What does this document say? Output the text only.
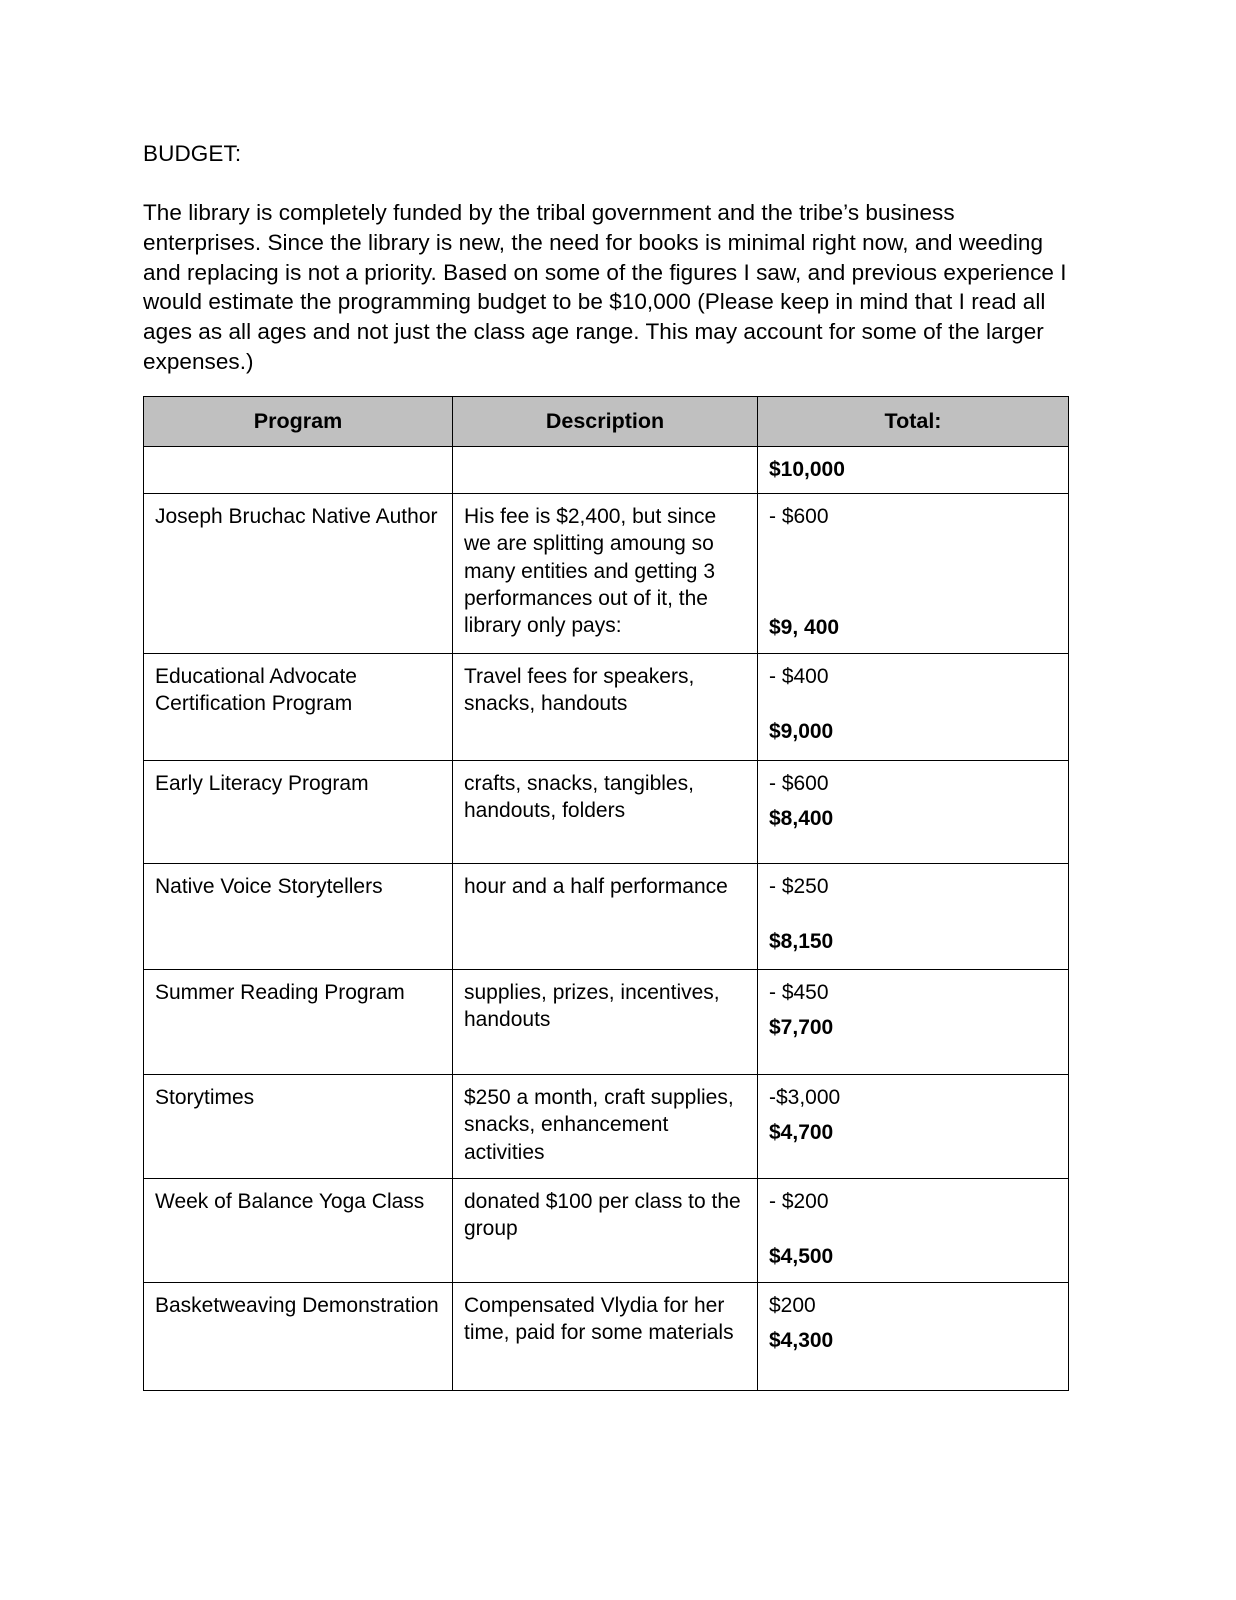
BUDGET:

The library is completely funded by the tribal government and the tribe’s business enterprises. Since the library is new, the need for books is minimal right now, and weeding and replacing is not a priority. Based on some of the figures I saw, and previous experience I would estimate the programming budget to be $10,000 (Please keep in mind that I read all ages as all ages and not just the class age range. This may account for some of the larger expenses.)

Program	Description	Total:

		$10,000

Joseph Bruchac Native Author	His fee is $2,400, but since we are splitting amoung so many entities and getting 3 performances out of it, the library only pays:	- $600
$9, 400

Educational Advocate Certification Program	Travel fees for speakers, snacks, handouts	- $400
$9,000

Early Literacy Program	crafts, snacks, tangibles, handouts, folders	- $600
$8,400

Native Voice Storytellers	hour and a half performance	- $250
$8,150

Summer Reading Program	supplies, prizes, incentives, handouts	- $450
$7,700

Storytimes	$250 a month, craft supplies, snacks, enhancement activities	-$3,000
$4,700

Week of Balance Yoga Class	donated $100 per class to the group	- $200
$4,500

Basketweaving Demonstration	Compensated Vlydia for her time, paid for some materials	$200
$4,300
